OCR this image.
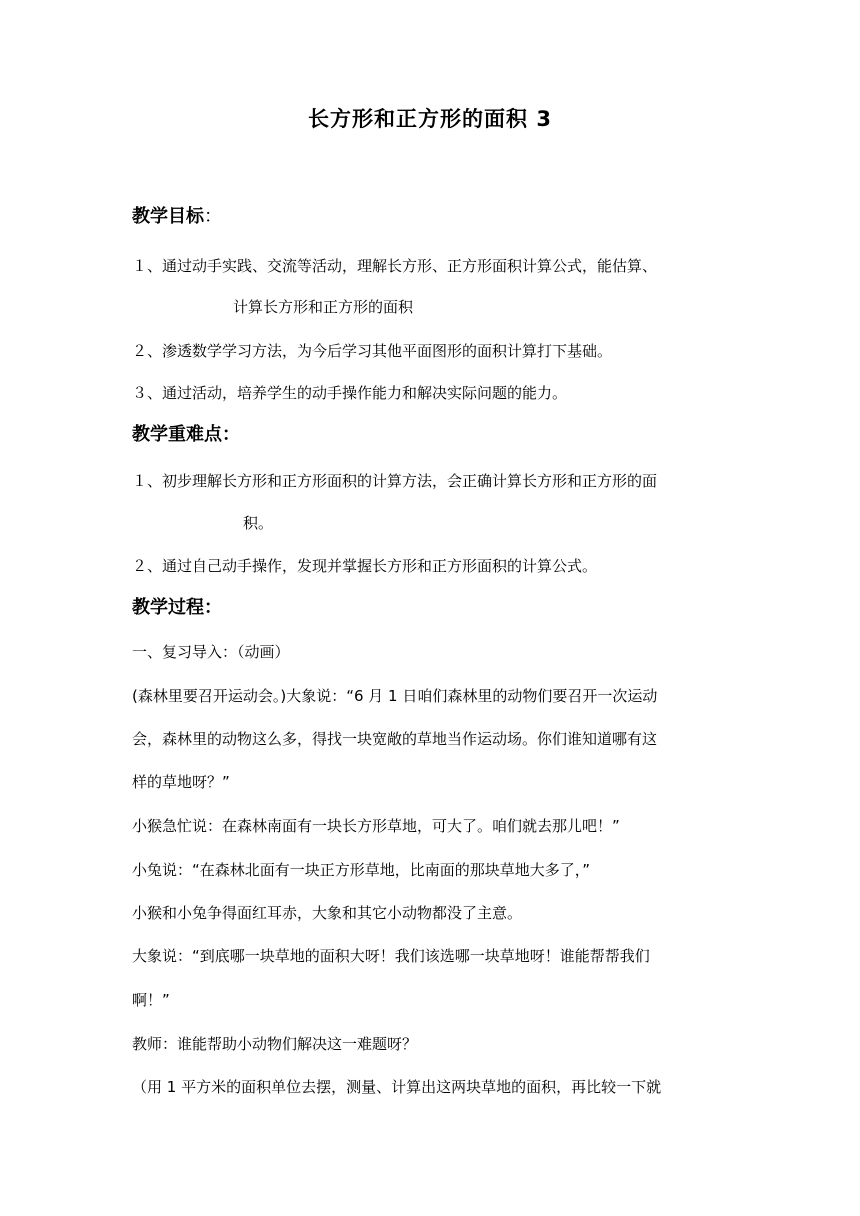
长方形和正方形的面积 3
教学目标：
１、通过动手实践、交流等活动，理解长方形、正方形面积计算公式，能估算、
计算长方形和正方形的面积
２、渗透数学学习方法，为今后学习其他平面图形的面积计算打下基础。
３、通过活动，培养学生的动手操作能力和解决实际问题的能力。
教学重难点：
１、初步理解长方形和正方形面积的计算方法，会正确计算长方形和正方形的面
积。
２、通过自己动手操作，发现并掌握长方形和正方形面积的计算公式。
教学过程：
一、复习导入：（动画）
(森林里要召开运动会。)大象说：“6 月 1 日咱们森林里的动物们要召开一次运动
会，森林里的动物这么多，得找一块宽敞的草地当作运动场。你们谁知道哪有这
样的草地呀？”
小猴急忙说：在森林南面有一块长方形草地，可大了。咱们就去那儿吧！”
小兔说：“在森林北面有一块正方形草地，比南面的那块草地大多了，”
小猴和小兔争得面红耳赤，大象和其它小动物都没了主意。
大象说：“到底哪一块草地的面积大呀！我们该选哪一块草地呀！谁能帮帮我们
啊！”
教师：谁能帮助小动物们解决这一难题呀？
（用 1 平方米的面积单位去摆，测量、计算出这两块草地的面积，再比较一下就
